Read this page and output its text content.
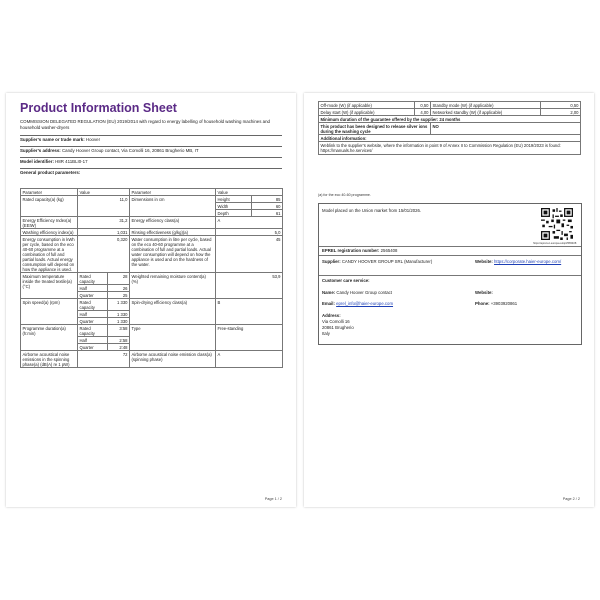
Product Information Sheet
COMMISSION DELEGATED REGULATION (EU) 2019/2014 with regard to energy labelling of household washing machines and household washer-dryers
Supplier’s name or trade mark: Hoover
Supplier’s address: Candy Hoover Group contact, Via Comolli 16, 20861 Brugherio MB, IT
Model identifier: H8R 411BLI0-17
General product parameters:
Parameter	Value		Parameter	Value	
Rated capacity(a) (kg)	11,0		Dimensions in cm	Height	85
				Width	60
				Depth	61
Energy Efficiency Index(a) (EEIW)	31,2		Energy efficiency class(a)	A	
Washing efficiency index(a)	1,031		Rinsing effectiveness (g/kg)(a)	5,0	
Energy consumption in kWh per cycle, based on the eco 40-60 programme at a combination of full and partial loads. Actual energy consumption will depend on how the appliance is used.	0,320		Water consumption in litre per cycle, based on the eco 40-60 programme at a combination of full and partial loads. Actual water consumption will depend on how the appliance is used and on the hardness of the water.	45	
Maximum temperature inside the treated textile(a) (°C)	Rated capacity	28	Weighted remaining moisture content(a) (%)	53,9	
	Half	26			
	Quarter	25			
Spin speed(a) (rpm)	Rated capacity	1 330	Spin-drying efficiency class(a)	B	
	Half	1 330			
	Quarter	1 330			
Programme duration(a) (h:min)	Rated capacity	3:58	Type	Free-standing	
	Half	2:58			
	Quarter	2:48			
Airborne acoustical noise emissions in the spinning phase(a) (dB(A) re 1 pW)	72		Airborne acoustical noise emission class(a) (spinning phase)	A	
Page 1 / 2
Off-mode (W) (if applicable)	0,50	Standby mode (W) (if applicable)	0,50
Delay start (W) (if applicable)	4,00	Networked standby (W) (if applicable)	2,00
Minimum duration of the guarantee offered by the supplier: 24 months			
This product has been designed to release silver ions during the washing cycle		NO	
Additional information:			
Weblink to the supplier’s website, where the information in point 9 of Annex II to Commission Regulation (EU) 2019/2023 is found: https://manuals.he.services/			
(a) for the eco 40-60 programme.
Model placed on the Union market from 15/01/2026.
https://eprel.ec.europa.eu/qr/2565408
EPREL registration number: 2565408
Supplier: CANDY HOOVER GROUP SRL (Manufacturer)	Website: https://corporate.haier-europe.com/
Customer care service:
Name: Candy Hoover Group contact	Website:
Email: eprel_info@haier-europe.com	Phone: +3903920861
Address:
Via Comolli 16
20861 Brugherio
Italy
Page 2 / 2
